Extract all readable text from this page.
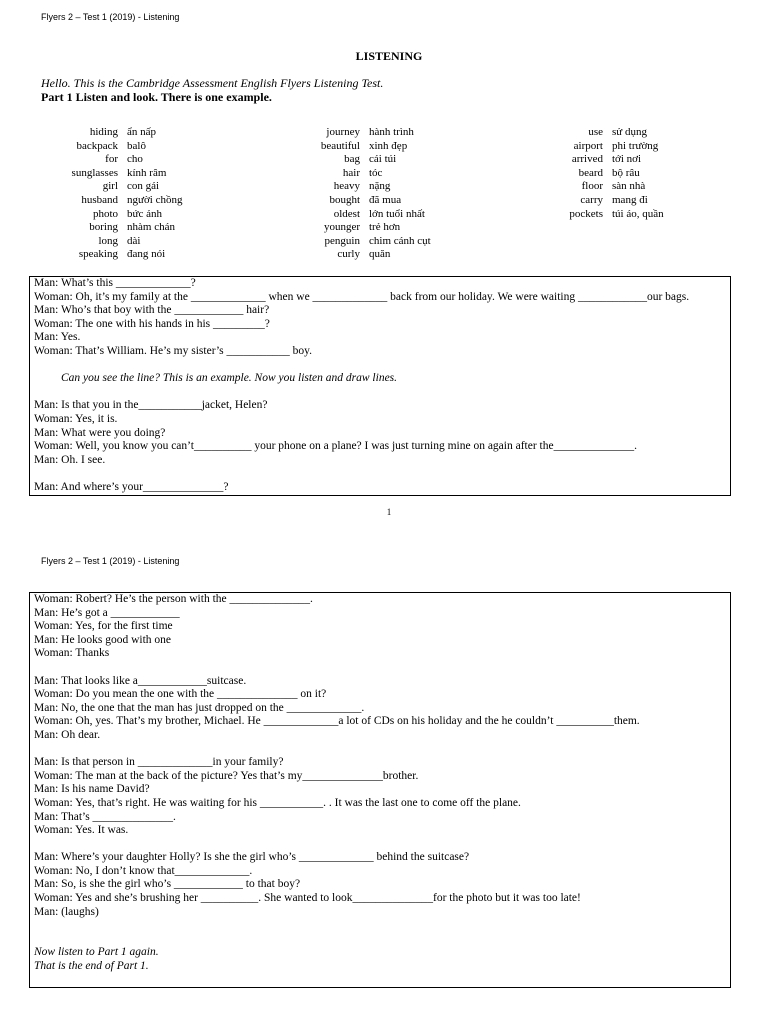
Flyers 2 – Test 1 (2019) - Listening
LISTENING
Hello. This is the Cambridge Assessment English Flyers Listening Test.
Part 1 Listen and look. There is one example.
hiding ẩn nấp
backpack balô
for cho
sunglasses kính râm
girl con gái
husband người chồng
photo bức ảnh
boring nhàm chán
long dài
speaking đang nói
journey hành trình
beautiful xinh đẹp
bag cái túi
hair tóc
heavy nặng
bought đã mua
oldest lớn tuổi nhất
younger trẻ hơn
penguin chim cánh cụt
curly quăn
use sử dụng
airport phi trường
arrived tới nơi
beard bộ râu
floor sàn nhà
carry mang đi
pockets túi áo, quần

Man: What’s this _____________?

Woman: Oh, it’s my family at the _____________ when we _____________ back from our holiday. We were waiting ____________our bags.

Man: Who’s that boy with the ____________ hair?

Woman: The one with his hands in his _________?

Man: Yes.

Woman: That’s William. He’s my sister’s ___________ boy.

Can you see the line? This is an example. Now you listen and draw lines.

Man: Is that you in the___________jacket, Helen?

Woman: Yes, it is.

Man: What were you doing?

Woman: Well, you know you can’t__________ your phone on a plane? I was just turning mine on again after the______________.

Man: Oh. I see.

Man: And where’s your______________?

1
Flyers 2 – Test 1 (2019) - Listening

Woman: Robert? He’s the person with the ______________.

Man: He’s got a ____________

Woman: Yes, for the first time

Man: He looks good with one

Woman: Thanks

Man: That looks like a____________suitcase.

Woman: Do you mean the one with the ______________ on it?

Man: No, the one that the man has just dropped on the _____________.

Woman: Oh, yes. That’s my brother, Michael. He _____________a lot of CDs on his holiday and the he couldn’t __________them.

Man: Oh dear.

Man: Is that person in _____________in your family?

Woman: The man at the back of the picture? Yes that’s my______________brother.

Man: Is his name David?

Woman: Yes, that’s right. He was waiting for his ___________. . It was the last one to come off the plane.

Man: That’s ______________.

Woman: Yes. It was.

Man: Where’s your daughter Holly? Is she the girl who’s _____________ behind the suitcase?

Woman: No, I don’t know that_____________.

Man: So, is she the girl who’s ____________ to that boy?

Woman: Yes and she’s brushing her __________. She wanted to look______________for the photo but it was too late!

Man: (laughs)

Now listen to Part 1 again.

That is the end of Part 1.
